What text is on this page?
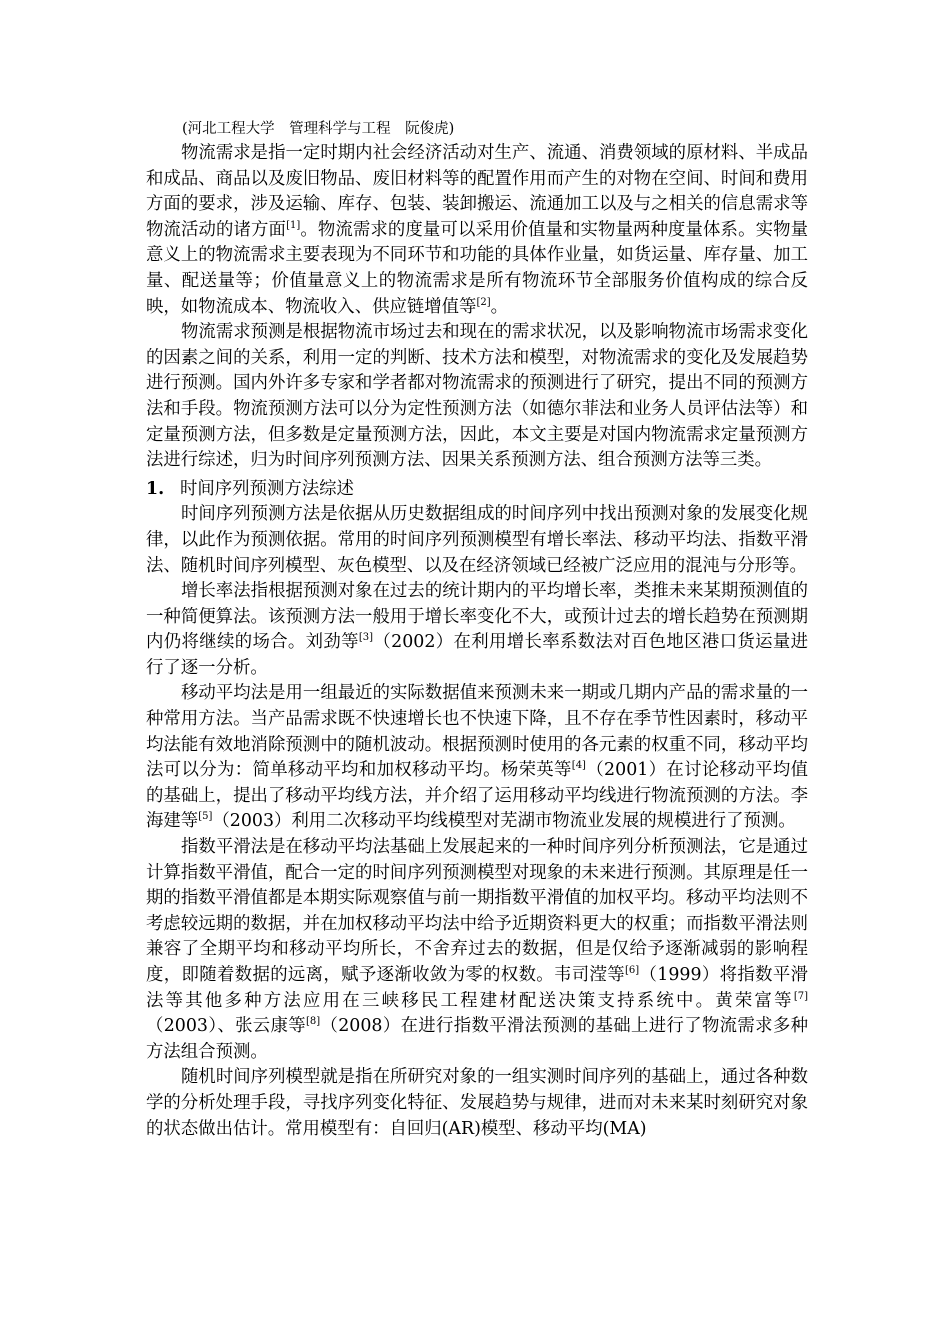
(河北工程大学　管理科学与工程　阮俊虎)

物流需求是指一定时期内社会经济活动对生产、流通、消费领域的原材料、半成品和成品、商品以及废旧物品、废旧材料等的配置作用而产生的对物在空间、时间和费用方面的要求，涉及运输、库存、包装、装卸搬运、流通加工以及与之相关的信息需求等物流活动的诸方面[1]。物流需求的度量可以采用价值量和实物量两种度量体系。实物量意义上的物流需求主要表现为不同环节和功能的具体作业量，如货运量、库存量、加工量、配送量等；价值量意义上的物流需求是所有物流环节全部服务价值构成的综合反映，如物流成本、物流收入、供应链增值等[2]。

物流需求预测是根据物流市场过去和现在的需求状况，以及影响物流市场需求变化的因素之间的关系，利用一定的判断、技术方法和模型，对物流需求的变化及发展趋势进行预测。国内外许多专家和学者都对物流需求的预测进行了研究，提出不同的预测方法和手段。物流预测方法可以分为定性预测方法（如德尔菲法和业务人员评估法等）和定量预测方法，但多数是定量预测方法，因此，本文主要是对国内物流需求定量预测方法进行综述，归为时间序列预测方法、因果关系预测方法、组合预测方法等三类。

1. 时间序列预测方法综述

时间序列预测方法是依据从历史数据组成的时间序列中找出预测对象的发展变化规律，以此作为预测依据。常用的时间序列预测模型有增长率法、移动平均法、指数平滑法、随机时间序列模型、灰色模型、以及在经济领域已经被广泛应用的混沌与分形等。

增长率法指根据预测对象在过去的统计期内的平均增长率，类推未来某期预测值的一种简便算法。该预测方法一般用于增长率变化不大，或预计过去的增长趋势在预测期内仍将继续的场合。刘劲等[3]（2002）在利用增长率系数法对百色地区港口货运量进行了逐一分析。

移动平均法是用一组最近的实际数据值来预测未来一期或几期内产品的需求量的一种常用方法。当产品需求既不快速增长也不快速下降，且不存在季节性因素时，移动平均法能有效地消除预测中的随机波动。根据预测时使用的各元素的权重不同，移动平均法可以分为：简单移动平均和加权移动平均。杨荣英等[4]（2001）在讨论移动平均值的基础上，提出了移动平均线方法，并介绍了运用移动平均线进行物流预测的方法。李海建等[5]（2003）利用二次移动平均线模型对芜湖市物流业发展的规模进行了预测。

指数平滑法是在移动平均法基础上发展起来的一种时间序列分析预测法，它是通过计算指数平滑值，配合一定的时间序列预测模型对现象的未来进行预测。其原理是任一期的指数平滑值都是本期实际观察值与前一期指数平滑值的加权平均。移动平均法则不考虑较远期的数据，并在加权移动平均法中给予近期资料更大的权重；而指数平滑法则兼容了全期平均和移动平均所长，不舍弃过去的数据，但是仅给予逐渐减弱的影响程度，即随着数据的远离，赋予逐渐收敛为零的权数。韦司滢等[6]（1999）将指数平滑法等其他多种方法应用在三峡移民工程建材配送决策支持系统中。黄荣富等[7]（2003）、张云康等[8]（2008）在进行指数平滑法预测的基础上进行了物流需求多种方法组合预测。

随机时间序列模型就是指在所研究对象的一组实测时间序列的基础上，通过各种数学的分析处理手段，寻找序列变化特征、发展趋势与规律，进而对未来某时刻研究对象的状态做出估计。常用模型有：自回归(AR)模型、移动平均(MA)
